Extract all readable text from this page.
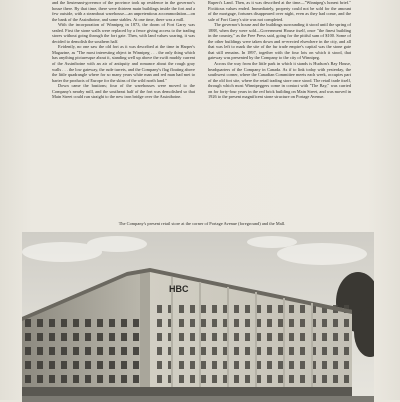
and the lieutenant-governor of the province took up residence in the governor's house there. By that time, there were thirteen main buildings inside the fort and a few outside, with a steamboat warehouse—an unpretentious accommodation—on the bank of the Assiniboine, and some stables. At one time, there was a mill.

With the incorporation of Winnipeg in 1873, the doom of Fort Garry was sealed. First the stone walls were replaced by a fence giving access to the trading stores without going through the fort gate. Then, with land values soaring, it was decided to demolish the southern half.

Evidently, no one saw the old fort as it was described at the time in Harper's Magazine, as "The most interesting object in Winnipeg . . . the only thing which has anything picturesque about it, standing well up above the swift muddy current of the Assiniboine with an air of antiquity and romance about the rough gray walls . . . the low gateway, the rude turrets, and the Company's flag floating above the little quadrangle where for so many years white man and red man had met to barter the products of Europe for the skins of the wild north land."

Down came the bastions; four of the warehouses were moved to the Company's nearby mill, and the southeast half of the fort was demolished so that Main Street could run straight to the new iron bridge over the Assiniboine.

Rupert's Land. Then, as it was described at the time—"Winnipeg's honest brief." Fictitious values ended. Immediately, property could not be sold for the amount of the mortgage, fortunes disappeared over night, even as they had come, and the sale of Fort Garry's site was not completed.

The governor's house and the buildings surrounding it stood until the spring of 1888, when they were sold—Government House itself, once "the finest building in the country," as the Free Press said, going for the pitiful sum of $100. Some of the other buildings were taken down and re-erected elsewhere in the city, and all that was left to mark the site of the fur trade empire's capital was the stone gate that still remains. In 1897, together with the four lots on which it stood, that gateway was presented by the Company to the city of Winnipeg.

Across the way from the little park in which it stands is Hudson's Bay House, headquarters of the Company in Canada. As if to link today with yesterday, the southwest corner, where the Canadian Committee meets each week, occupies part of the old fort site, where the retail trading store once stood. The retail trade itself, through which most Winnipeggers come in contact with "The Bay," was carried on for forty-four years in the red brick building on Main Street, and was moved in 1926 to the present magnificent stone structure on Portage Avenue.

The Company's present retail store at the corner of Portage Avenue (foreground) and the Mall.
HBC
